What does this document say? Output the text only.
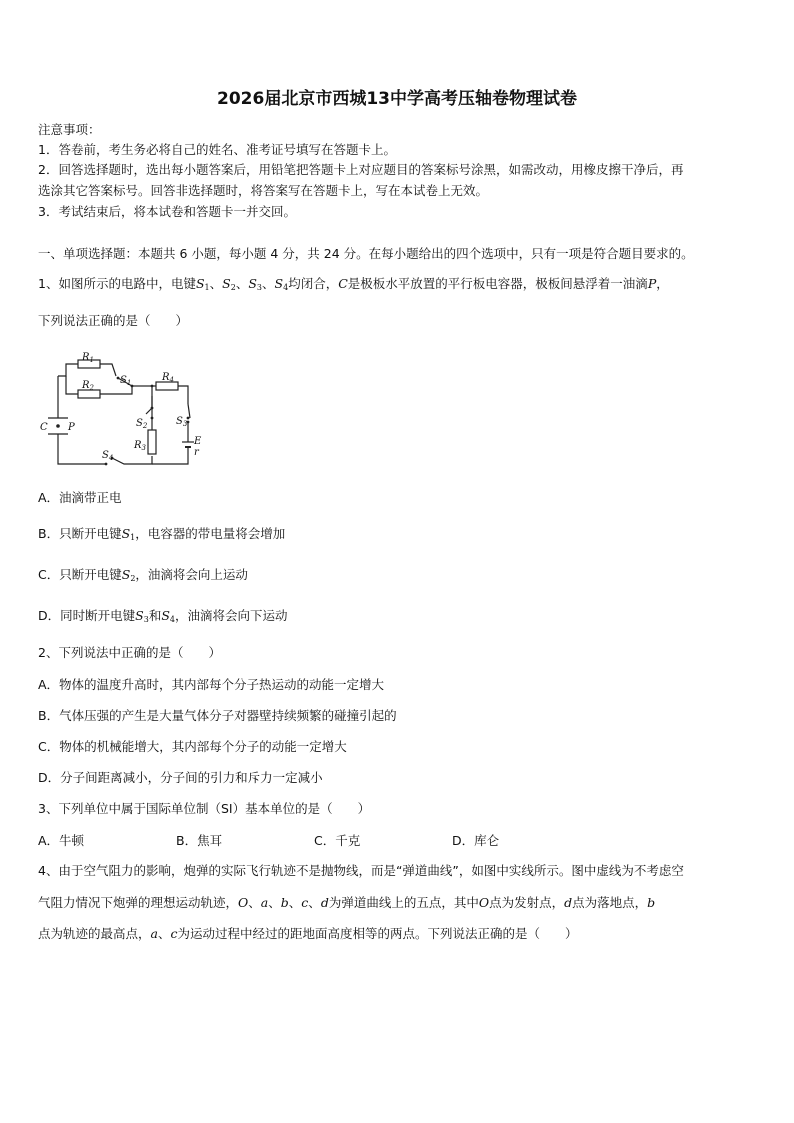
2026届北京市西城13中学高考压轴卷物理试卷
注意事项：
1．答卷前，考生务必将自己的姓名、准考证号填写在答题卡上。
2．回答选择题时，选出每小题答案后，用铅笔把答题卡上对应题目的答案标号涂黑，如需改动，用橡皮擦干净后，再
选涂其它答案标号。回答非选择题时，将答案写在答题卡上，写在本试卷上无效。
3．考试结束后，将本试卷和答题卡一并交回。
一、单项选择题：本题共 6 小题，每小题 4 分，共 24 分。在每小题给出的四个选项中，只有一项是符合题目要求的。
1、如图所示的电路中，电键$S_1$、$S_2$、$S_3$、$S_4$均闭合，C是极板水平放置的平行板电容器，极板间悬浮着一油滴P，
下列说法正确的是（　　）
$R_1$
$R_2$
$S_1$	$R_4$
$S_2$	$S_3$
$R_3$
E
r
C P
$S_4$
A．油滴带正电
B．只断开电键$S_1$，电容器的带电量将会增加
C．只断开电键$S_2$，油滴将会向上运动
D．同时断开电键$S_3$和$S_4$，油滴将会向下运动
2、下列说法中正确的是（　　）
A．物体的温度升高时，其内部每个分子热运动的动能一定增大
B．气体压强的产生是大量气体分子对器壁持续频繁的碰撞引起的
C．物体的机械能增大，其内部每个分子的动能一定增大
D．分子间距离减小，分子间的引力和斥力一定减小
3、下列单位中属于国际单位制（SI）基本单位的是（　　）
A．牛顿	B．焦耳	C．千克	D．库仑
4、由于空气阻力的影响，炮弹的实际飞行轨迹不是抛物线，而是“弹道曲线”，如图中实线所示。图中虚线为不考虑空
气阻力情况下炮弹的理想运动轨迹，O、a、b、c、d为弹道曲线上的五点，其中O点为发射点，d点为落地点，b
点为轨迹的最高点，a、c为运动过程中经过的距地面高度相等的两点。下列说法正确的是（　　）
